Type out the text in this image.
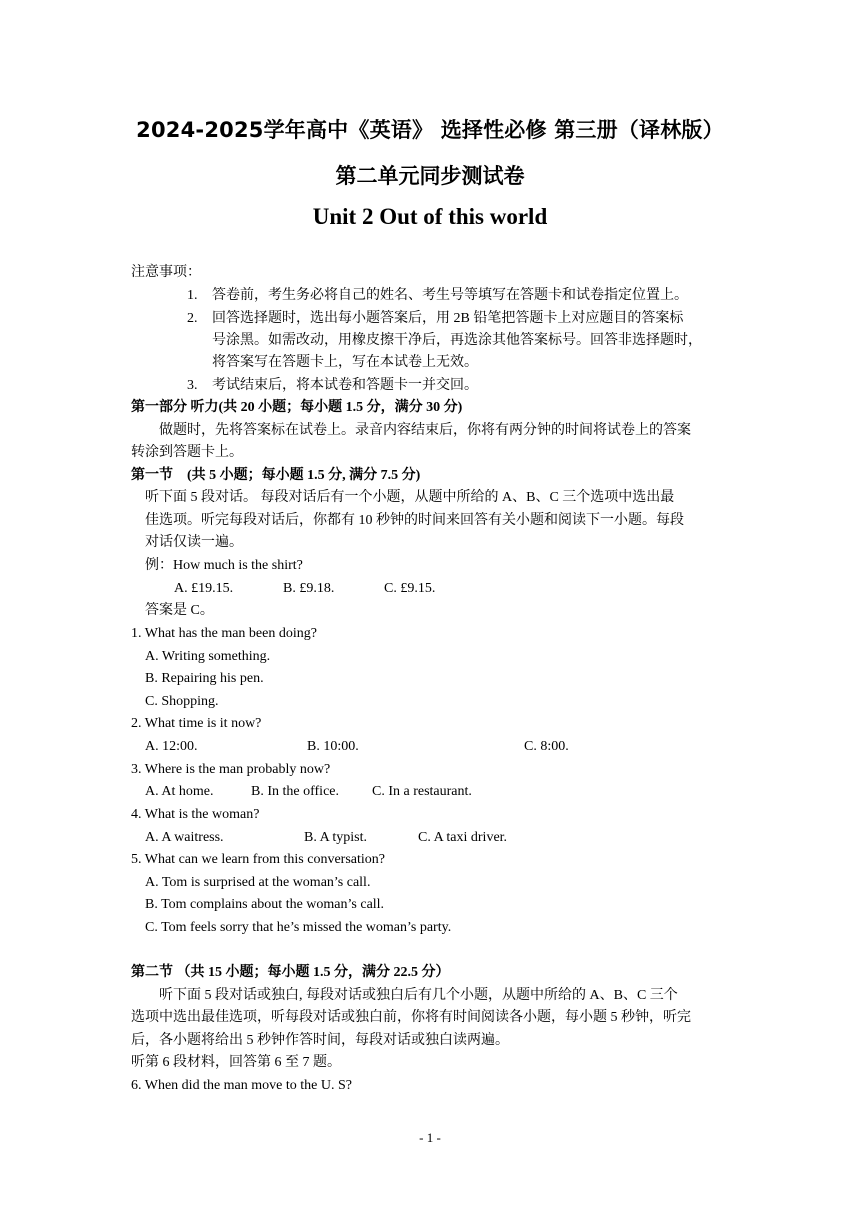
2024-2025学年高中《英语》 选择性必修 第三册（译林版）
第二单元同步测试卷
Unit 2 Out of this world
注意事项：
1. 答卷前，考生务必将自己的姓名、考生号等填写在答题卡和试卷指定位置上。
2. 回答选择题时，选出每小题答案后，用 2B 铅笔把答题卡上对应题目的答案标
号涂黑。如需改动，用橡皮擦干净后，再选涂其他答案标号。回答非选择题时，
将答案写在答题卡上，写在本试卷上无效。
3. 考试结束后，将本试卷和答题卡一并交回。
第一部分 听力(共 20 小题；每小题 1.5 分，满分 30 分)
做题时，先将答案标在试卷上。录音内容结束后，你将有两分钟的时间将试卷上的答案
转涂到答题卡上。
第一节　(共 5 小题；每小题 1.5 分, 满分 7.5 分)
听下面 5 段对话。 每段对话后有一个小题，从题中所给的 A、B、C 三个选项中选出最
佳选项。听完每段对话后，你都有 10 秒钟的时间来回答有关小题和阅读下一小题。每段
对话仅读一遍。
例：How much is the shirt?
A. £19.15.	B. £9.18.	C. £9.15.
答案是 C。
1. What has the man been doing?
A. Writing something.
B. Repairing his pen.
C. Shopping.
2. What time is it now?
A. 12:00.	B. 10:00.	C. 8:00.
3. Where is the man probably now?
A. At home.	B. In the office. C. In a restaurant.
4. What is the woman?
A. A waitress.	B. A typist.	C. A taxi driver.
5. What can we learn from this conversation?
A. Tom is surprised at the woman’s call.
B. Tom complains about the woman’s call.
C. Tom feels sorry that he’s missed the woman’s party.
第二节 （共 15 小题；每小题 1.5 分，满分 22.5 分）
听下面 5 段对话或独白, 每段对话或独白后有几个小题，从题中所给的 A、B、C 三个
选项中选出最佳选项，听每段对话或独白前，你将有时间阅读各小题，每小题 5 秒钟，听完
后，各小题将给出 5 秒钟作答时间，每段对话或独白读两遍。
听第 6 段材料，回答第 6 至 7 题。
6. When did the man move to the U. S?
- 1 -
